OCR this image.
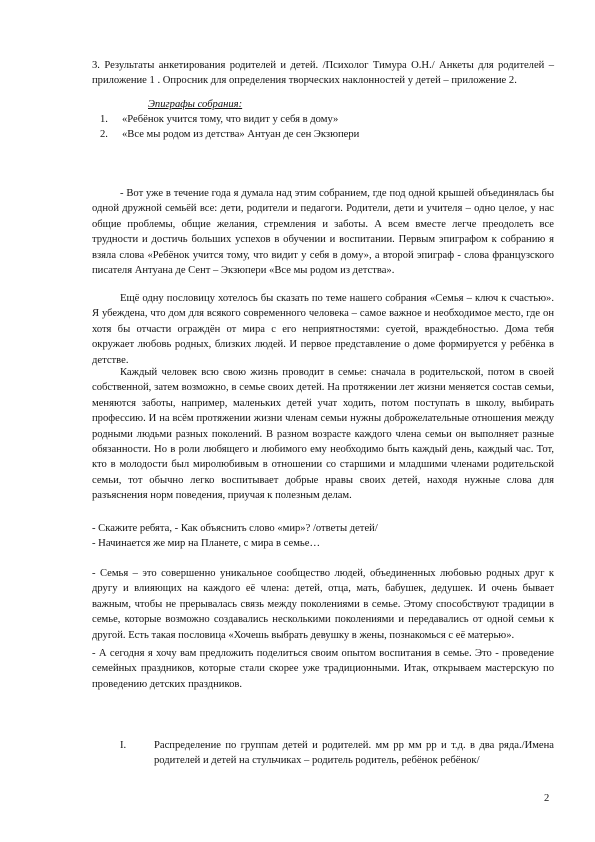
3. Результаты анкетирования родителей и детей. /Психолог Тимура О.Н./ Анкеты для родителей – приложение 1 . Опросник для определения творческих наклонностей у детей – приложение 2.

Эпиграфы собрания:
1. «Ребёнок учится тому, что видит у себя в дому»
2. «Все мы родом из детства» Антуан де сен Экзюпери

- Вот уже в течение года я думала над этим собранием, где под одной крышей объединялась бы одной дружной семьёй все: дети, родители и педагоги. Родители, дети и учителя – одно целое, у нас общие проблемы, общие желания, стремления и заботы. А всем вместе легче преодолеть все трудности и достичь больших успехов в обучении и воспитании. Первым эпиграфом к собранию я взяла слова «Ребёнок учится тому, что видит у себя в дому», а второй эпиграф - слова французского писателя Антуана де Сент – Экзюпери «Все мы родом из детства».

Ещё одну пословицу хотелось бы сказать по теме нашего собрания «Семья – ключ к счастью». Я убеждена, что дом для всякого современного человека – самое важное и необходимое место, где он хотя бы отчасти ограждён от мира с его неприятностями: суетой, враждебностью. Дома тебя окружает любовь родных, близких людей. И первое представление о доме формируется у ребёнка в детстве.

Каждый человек всю свою жизнь проводит в семье: сначала в родительской, потом в своей собственной, затем возможно, в семье своих детей. На протяжении лет жизни меняется состав семьи, меняются заботы, например, маленьких детей учат ходить, потом поступать в школу, выбирать профессию. И на всём протяжении жизни членам семьи нужны доброжелательные отношения между родными людьми разных поколений. В разном возрасте каждого члена семьи он выполняет разные обязанности. Но в роли любящего и любимого ему необходимо быть каждый день, каждый час. Тот, кто в молодости был миролюбивым в отношении со старшими и младшими членами родительской семьи, тот обычно легко воспитывает добрые нравы своих детей, находя нужные слова для разъяснения норм поведения, приучая к полезным делам.

- Скажите ребята, - Как объяснить слово «мир»? /ответы детей/

- Начинается же мир на Планете, с мира в семье…

- Семья – это совершенно уникальное сообщество людей, объединенных любовью родных друг к другу и влияющих на каждого её члена: детей, отца, мать, бабушек, дедушек. И очень бывает важным, чтобы не прерывалась связь между поколениями в семье. Этому способствуют традиции в семье, которые возможно создавались несколькими поколениями и передавались от одной семьи к другой. Есть такая пословица «Хочешь выбрать девушку в жены, познакомься с её матерью».

- А сегодня я хочу вам предложить поделиться своим опытом воспитания в семье. Это - проведение семейных праздников, которые стали скорее уже традиционными. Итак, открываем мастерскую по проведению детских праздников.

I.	Распределение по группам детей и родителей. мм рр мм рр и т.д. в два ряда./Имена родителей и детей на стульчиках – родитель родитель, ребёнок ребёнок/
2
